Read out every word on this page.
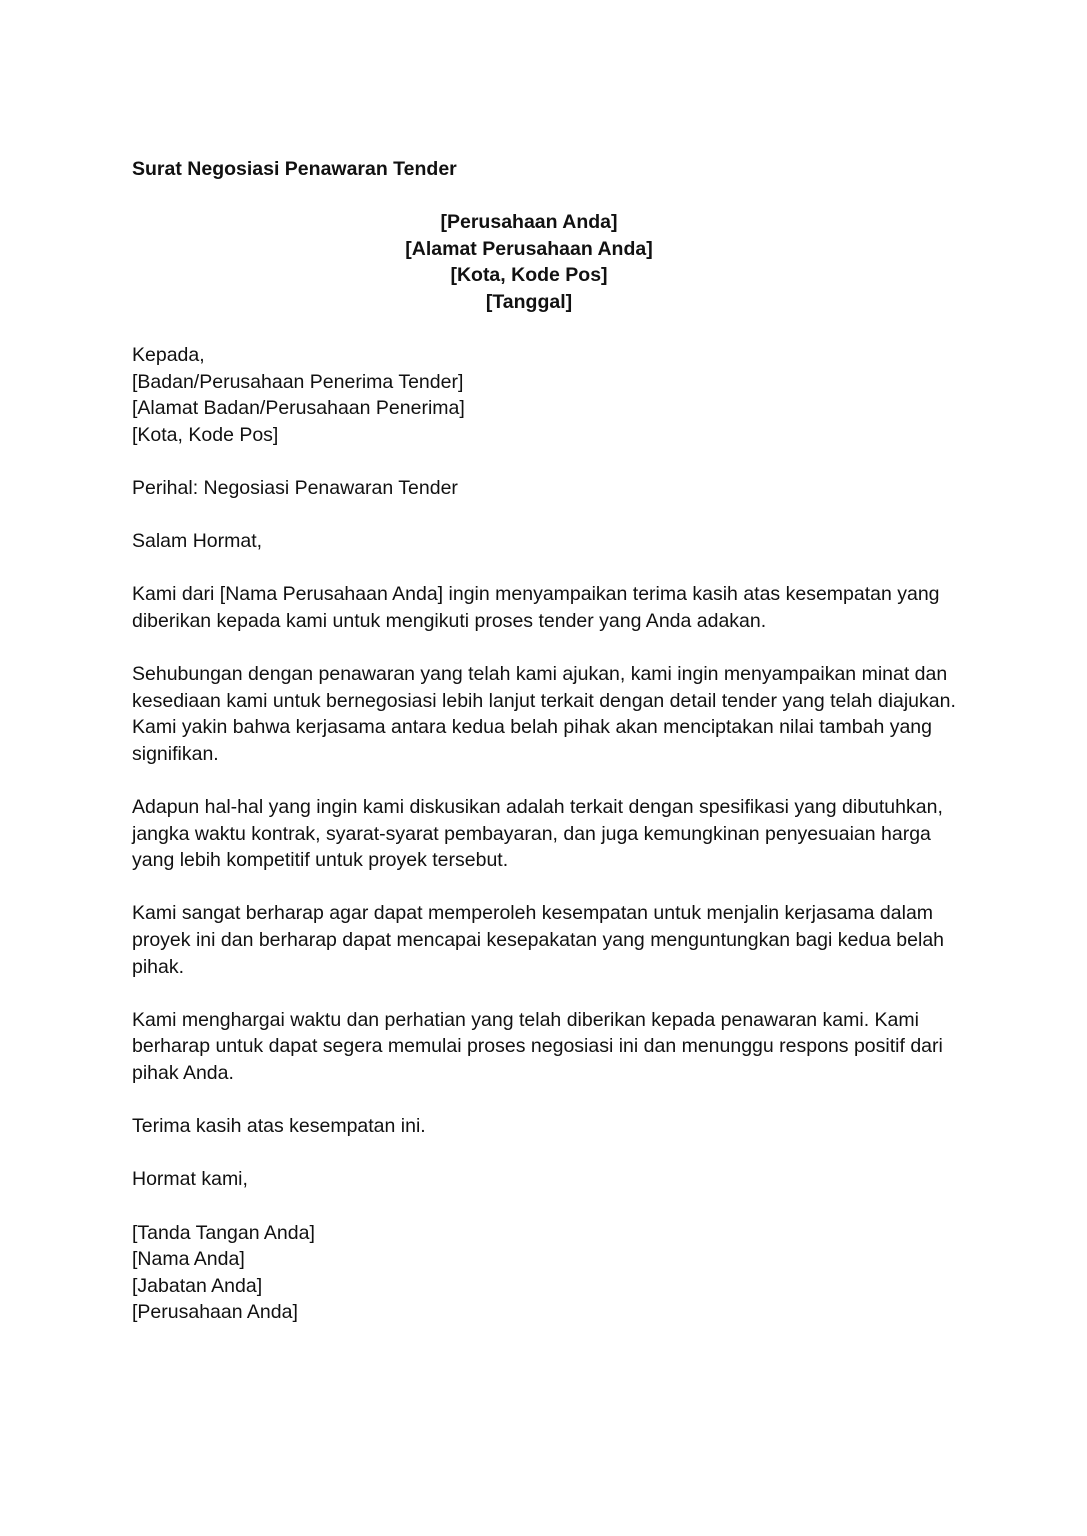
Surat Negosiasi Penawaran Tender
[Perusahaan Anda]
[Alamat Perusahaan Anda]
[Kota, Kode Pos]
[Tanggal]
Kepada,
[Badan/Perusahaan Penerima Tender]
[Alamat Badan/Perusahaan Penerima]
[Kota, Kode Pos]
Perihal: Negosiasi Penawaran Tender
Salam Hormat,

Kami dari [Nama Perusahaan Anda] ingin menyampaikan terima kasih atas kesempatan yang diberikan kepada kami untuk mengikuti proses tender yang Anda adakan.

Sehubungan dengan penawaran yang telah kami ajukan, kami ingin menyampaikan minat dan kesediaan kami untuk bernegosiasi lebih lanjut terkait dengan detail tender yang telah diajukan. Kami yakin bahwa kerjasama antara kedua belah pihak akan menciptakan nilai tambah yang signifikan.

Adapun hal-hal yang ingin kami diskusikan adalah terkait dengan spesifikasi yang dibutuhkan, jangka waktu kontrak, syarat-syarat pembayaran, dan juga kemungkinan penyesuaian harga yang lebih kompetitif untuk proyek tersebut.

Kami sangat berharap agar dapat memperoleh kesempatan untuk menjalin kerjasama dalam proyek ini dan berharap dapat mencapai kesepakatan yang menguntungkan bagi kedua belah pihak.

Kami menghargai waktu dan perhatian yang telah diberikan kepada penawaran kami. Kami berharap untuk dapat segera memulai proses negosiasi ini dan menunggu respons positif dari pihak Anda.

Terima kasih atas kesempatan ini.

Hormat kami,
[Tanda Tangan Anda]
[Nama Anda]
[Jabatan Anda]
[Perusahaan Anda]
